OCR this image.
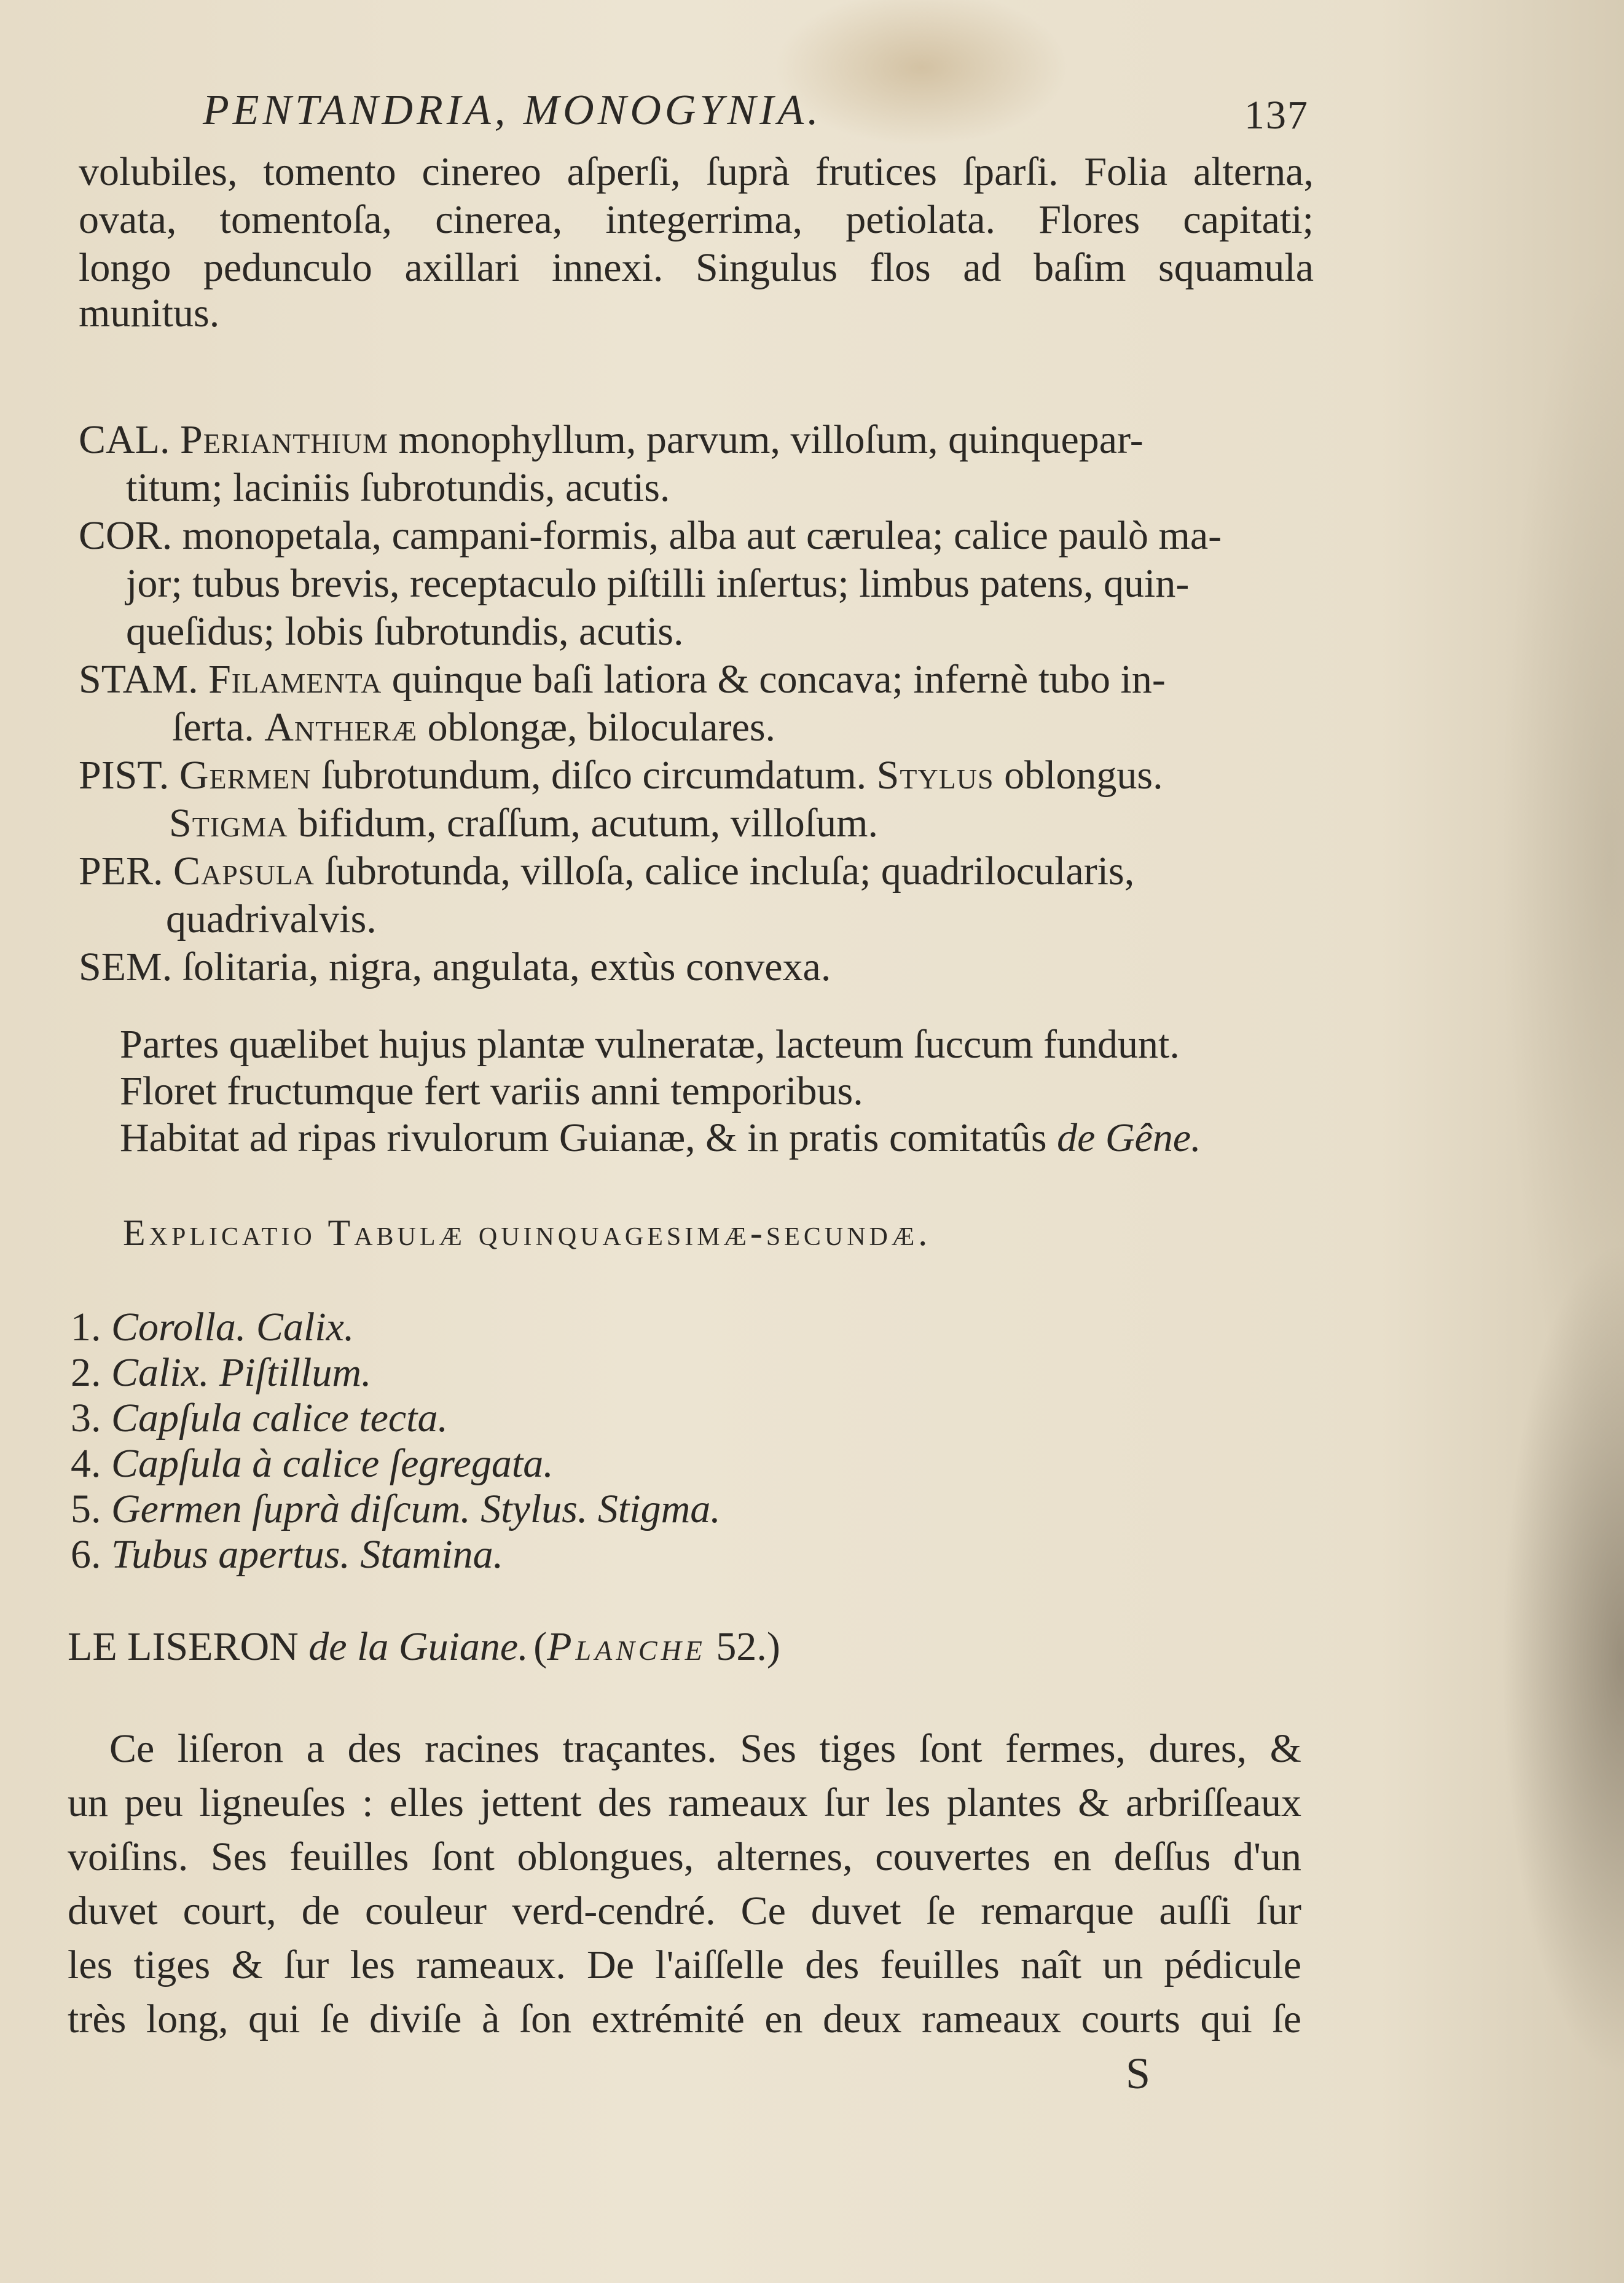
PENTANDRIA, MONOGYNIA.	137
volubiles, tomento cinereo aſperſi, ſuprà frutices ſparſi. Folia alterna,
ovata, tomentoſa, cinerea, integerrima, petiolata. Flores capitati;
longo pedunculo axillari innexi. Singulus flos ad baſim squamula
munitus.
CAL. Perianthium monophyllum, parvum, villoſum, quinquepar-
titum; laciniis ſubrotundis, acutis.
COR. monopetala, campani-formis, alba aut cærulea; calice paulò ma-
jor; tubus brevis, receptaculo piſtilli inſertus; limbus patens, quin-
queſidus; lobis ſubrotundis, acutis.
STAM. Filamenta quinque baſi latiora & concava; infernè tubo in-
ſerta. Antheræ oblongæ, biloculares.
PIST. Germen ſubrotundum, diſco circumdatum. Stylus oblongus.
Stigma bifidum, craſſum, acutum, villoſum.
PER. Capsula ſubrotunda, villoſa, calice incluſa; quadrilocularis,
quadrivalvis.
SEM. ſolitaria, nigra, angulata, extùs convexa.
Partes quælibet hujus plantæ vulneratæ, lactеum ſuccum fundunt.
Floret fructumque fert variis anni temporibus.
Habitat ad ripas rivulorum Guianæ, & in pratis comitatûs de Gêne.
Explicatio Tabulæ quinquagesimæ-secundæ.
1. Corolla. Calix.
2. Calix. Piſtillum.
3. Capſula calice tecta.
4. Capſula à calice ſegregata.
5. Germen ſuprà diſcum. Stylus. Stigma.
6. Tubus apertus. Stamina.
LE LISERON de la Guiane. (Planche 52.)
Ce liſeron a des racines traçantes. Ses tiges ſont fermes, dures, &
un peu ligneuſes : elles jettent des rameaux ſur les plantes & arbriſſeaux
voiſins. Ses feuilles ſont oblongues, alternes, couvertes en deſſus d'un
duvet court, de couleur verd-cendré. Ce duvet ſe remarque auſſi ſur
les tiges & ſur les rameaux. De l'aiſſelle des feuilles naît un pédicule
très long, qui ſe diviſe à ſon extrémité en deux rameaux courts qui ſe
S
